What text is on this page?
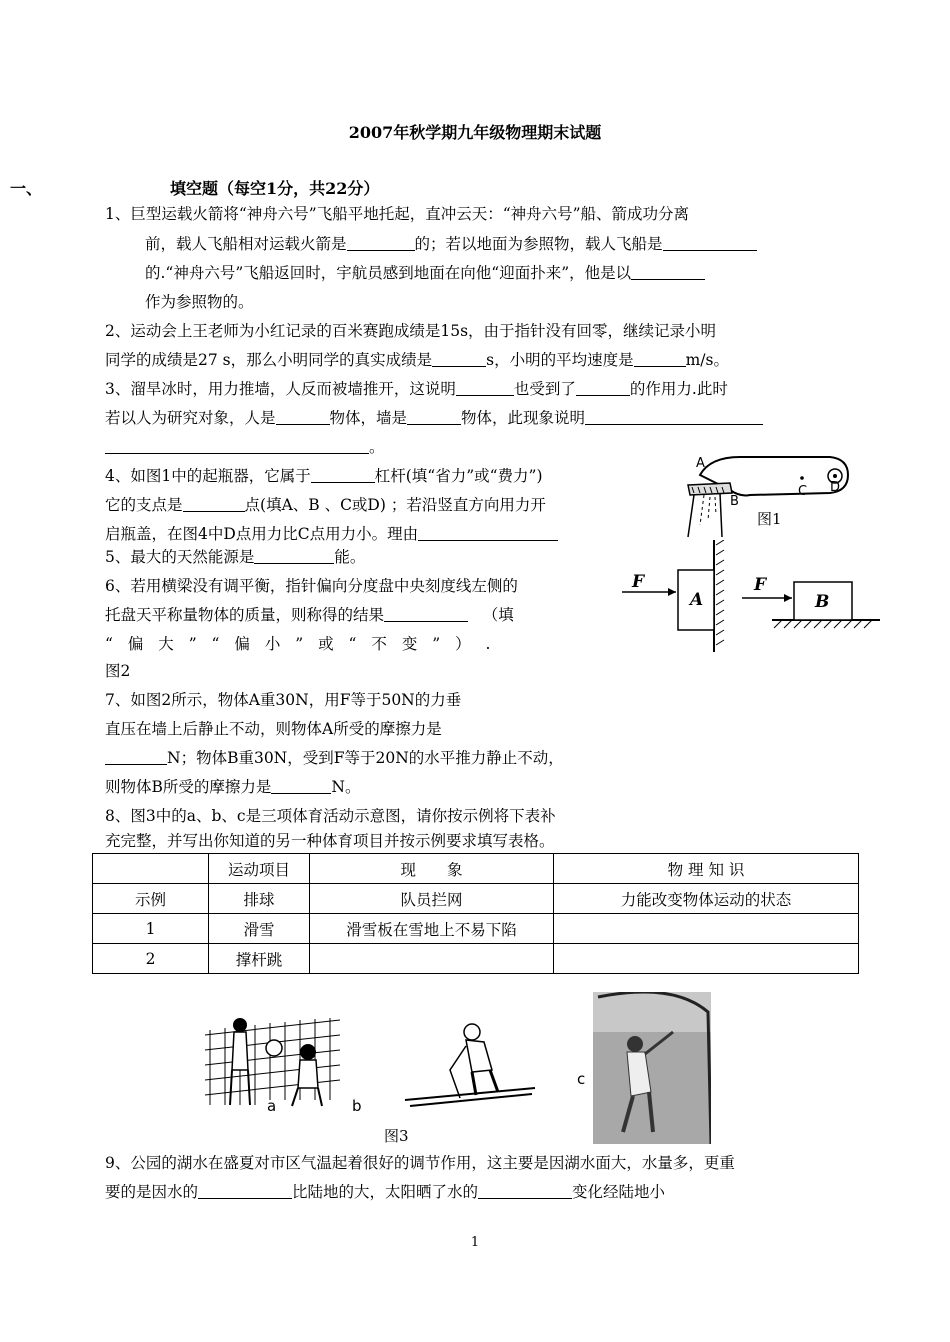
2007年秋学期九年级物理期末试题
一、	填空题（每空1分，共22分）
1、巨型运载火箭将“神舟六号”飞船平地托起，直冲云天：“神舟六号”船、箭成功分离
前，载人飞船相对运载火箭是	的；若以地面为参照物，载人飞船是
的.“神舟六号”飞船返回时，宇航员感到地面在向他“迎面扑来”，他是以
作为参照物的。
2、运动会上王老师为小红记录的百米赛跑成绩是15s，由于指针没有回零，继续记录小明
同学的成绩是27 s，那么小明同学的真实成绩是	s，小明的平均速度是	m/s。
3、溜旱冰时，用力推墙，人反而被墙推开，这说明	也受到了	的作用力.此时
若以人为研究对象，人是	物体，墙是	物体，此现象说明
。
4、如图1中的起瓶器，它属于	杠杆(填“省力”或“费力”)
它的支点是	点(填A、B 、C或D) ；若沿竖直方向用力开
启瓶盖，在图4中D点用力比C点用力小。理由
A
B
C D
图1
5、最大的天然能源是	能。
6、若用横梁没有调平衡，指针偏向分度盘中央刻度线左侧的
托盘天平称量物体的质量，则称得的结果	（填
“ 偏 大 ” “ 偏 小 ” 或 “ 不 变 ” ） .
图2
F
A
F
B
7、如图2所示，物体A重30N，用F等于50N的力垂
直压在墙上后静止不动，则物体A所受的摩擦力是
N；物体B重30N，受到F等于20N的水平推力静止不动，
则物体B所受的摩擦力是	N。
8、图3中的a、b、c是三项体育活动示意图，请你按示例将下表补
充完整，并写出你知道的另一种体育项目并按示例要求填写表格。
	运动项目	现　　象	物 理 知 识
示例	排球	队员拦网	力能改变物体运动的状态
1	滑雪	滑雪板在雪地上不易下陷	
2	撑杆跳		
a	b
c
图3
9、公园的湖水在盛夏对市区气温起着很好的调节作用，这主要是因湖水面大，水量多，更重
要的是因水的	比陆地的大，太阳晒了水的	变化经陆地小
1
